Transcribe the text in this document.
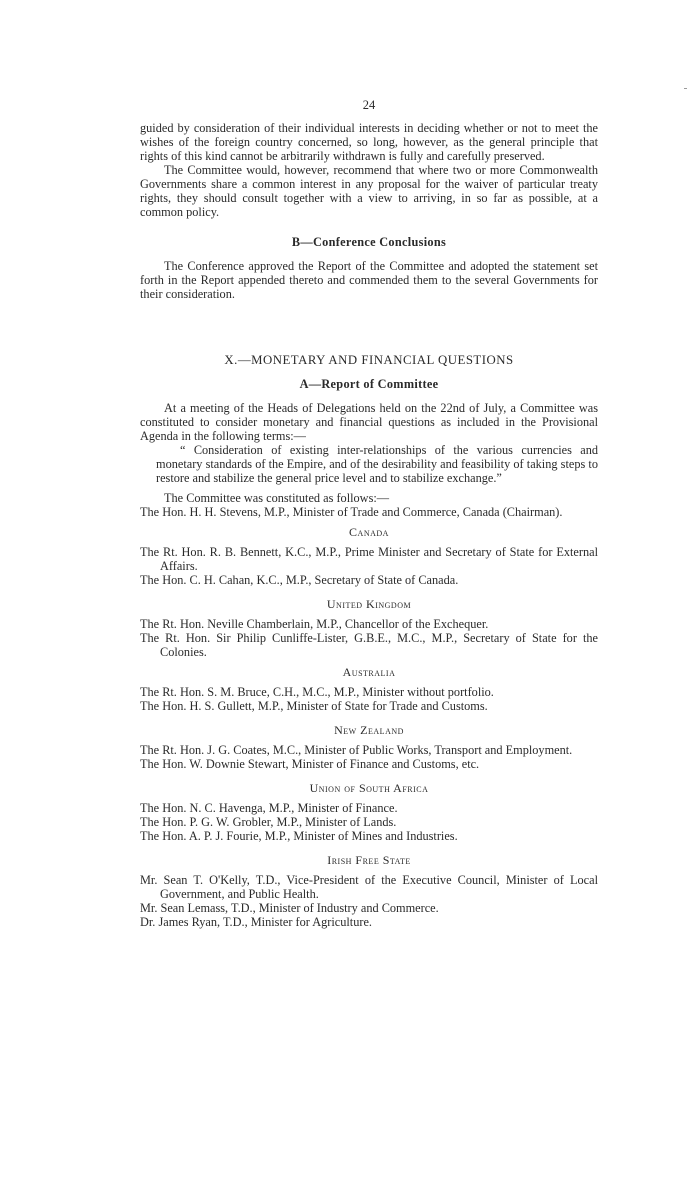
24

guided by consideration of their individual interests in deciding whether or not to meet the wishes of the foreign country concerned, so long, however, as the general principle that rights of this kind cannot be arbitrarily withdrawn is fully and carefully preserved.

The Committee would, however, recommend that where two or more Commonwealth Governments share a common interest in any proposal for the waiver of particular treaty rights, they should consult together with a view to arriving, in so far as possible, at a common policy.

B—Conference Conclusions

The Conference approved the Report of the Committee and adopted the statement set forth in the Report appended thereto and commended them to the several Governments for their consideration.

X.—MONETARY AND FINANCIAL QUESTIONS
A—Report of Committee

At a meeting of the Heads of Delegations held on the 22nd of July, a Committee was constituted to consider monetary and financial questions as included in the Provisional Agenda in the following terms:—

“ Consideration of existing inter-relationships of the various currencies and monetary standards of the Empire, and of the desirability and feasibility of taking steps to restore and stabilize the general price level and to stabilize exchange.”

The Committee was constituted as follows:—

The Hon. H. H. Stevens, M.P., Minister of Trade and Commerce, Canada (Chairman).

Canada

The Rt. Hon. R. B. Bennett, K.C., M.P., Prime Minister and Secretary of State for External Affairs.

The Hon. C. H. Cahan, K.C., M.P., Secretary of State of Canada.

United Kingdom

The Rt. Hon. Neville Chamberlain, M.P., Chancellor of the Exchequer.

The Rt. Hon. Sir Philip Cunliffe-Lister, G.B.E., M.C., M.P., Secretary of State for the Colonies.

Australia

The Rt. Hon. S. M. Bruce, C.H., M.C., M.P., Minister without portfolio.

The Hon. H. S. Gullett, M.P., Minister of State for Trade and Customs.

New Zealand

The Rt. Hon. J. G. Coates, M.C., Minister of Public Works, Transport and Employment.

The Hon. W. Downie Stewart, Minister of Finance and Customs, etc.

Union of South Africa

The Hon. N. C. Havenga, M.P., Minister of Finance.

The Hon. P. G. W. Grobler, M.P., Minister of Lands.

The Hon. A. P. J. Fourie, M.P., Minister of Mines and Industries.

Irish Free State

Mr. Sean T. O'Kelly, T.D., Vice-President of the Executive Council, Minister of Local Government, and Public Health.

Mr. Sean Lemass, T.D., Minister of Industry and Commerce.

Dr. James Ryan, T.D., Minister for Agriculture.
